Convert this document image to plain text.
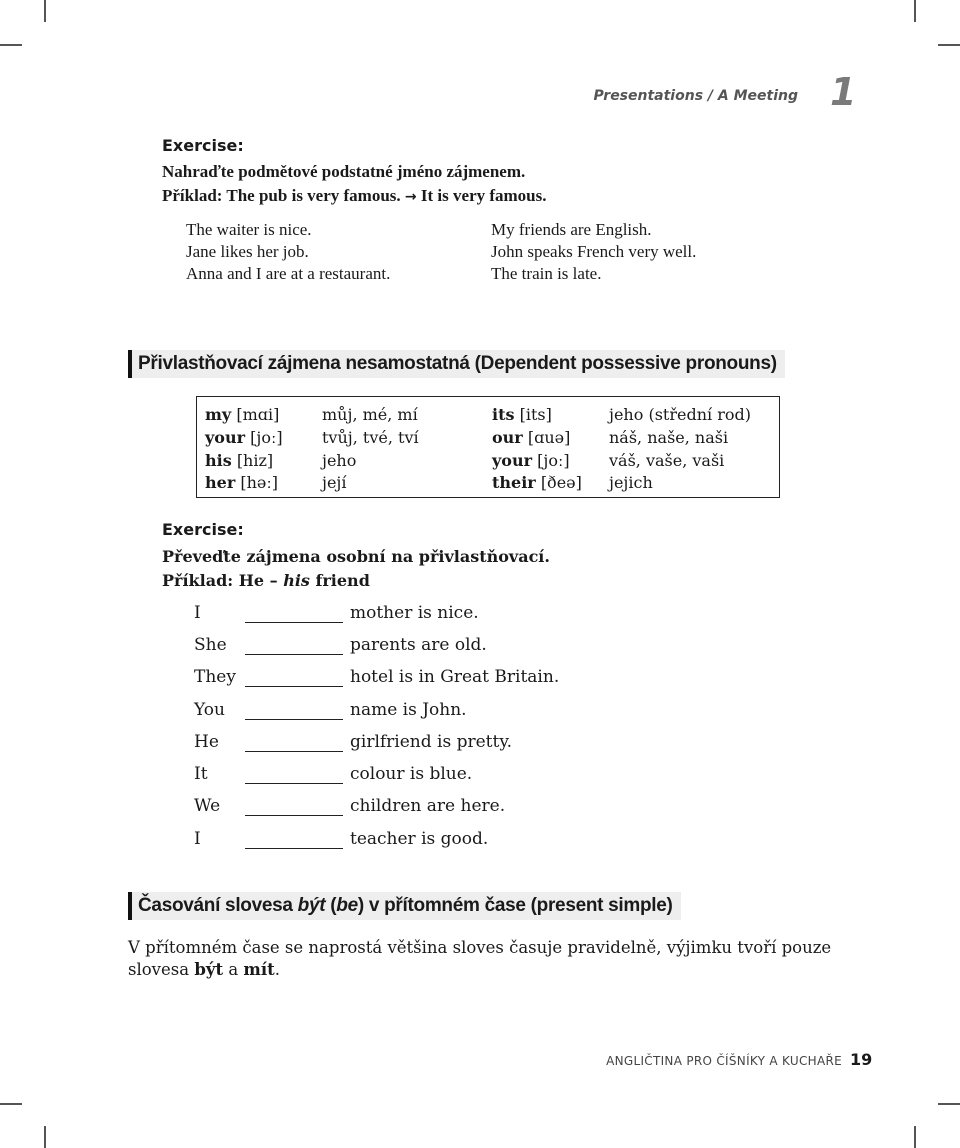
Presentations / A Meeting 1
Exercise:
Nahraďte podmětové podstatné jméno zájmenem.
Příklad: The pub is very famous. → It is very famous.
The waiter is nice.
Jane likes her job.
Anna and I are at a restaurant.
My friends are English.
John speaks French very well.
The train is late.
Přivlastňovací zájmena nesamostatná (Dependent possessive pronouns)
my [mɑi]	můj, mé, mí	its [its]	jeho (střední rod)
your [joː] tvůj, tvé, tví	our [ɑuə] náš, naše, naši
his [hiz]	jeho	your [joː] váš, vaše, vaši
her [həː]	její	their [ðeə] jejich
Exercise:
Převeďte zájmena osobní na přivlastňovací.
Příklad: He – his friend
I	mother is nice.
She	parents are old.
They	hotel is in Great Britain.
You	name is John.
He	girlfriend is pretty.
It	colour is blue.
We	children are here.
I	teacher is good.
Časování slovesa být (be) v přítomném čase (present simple)
V přítomném čase se naprostá většina sloves časuje pravidelně, výjimku tvoří pouze
slovesa být a mít.
ANGLIČTINA PRO ČÍŠNÍKY A KUCHAŘE 19
